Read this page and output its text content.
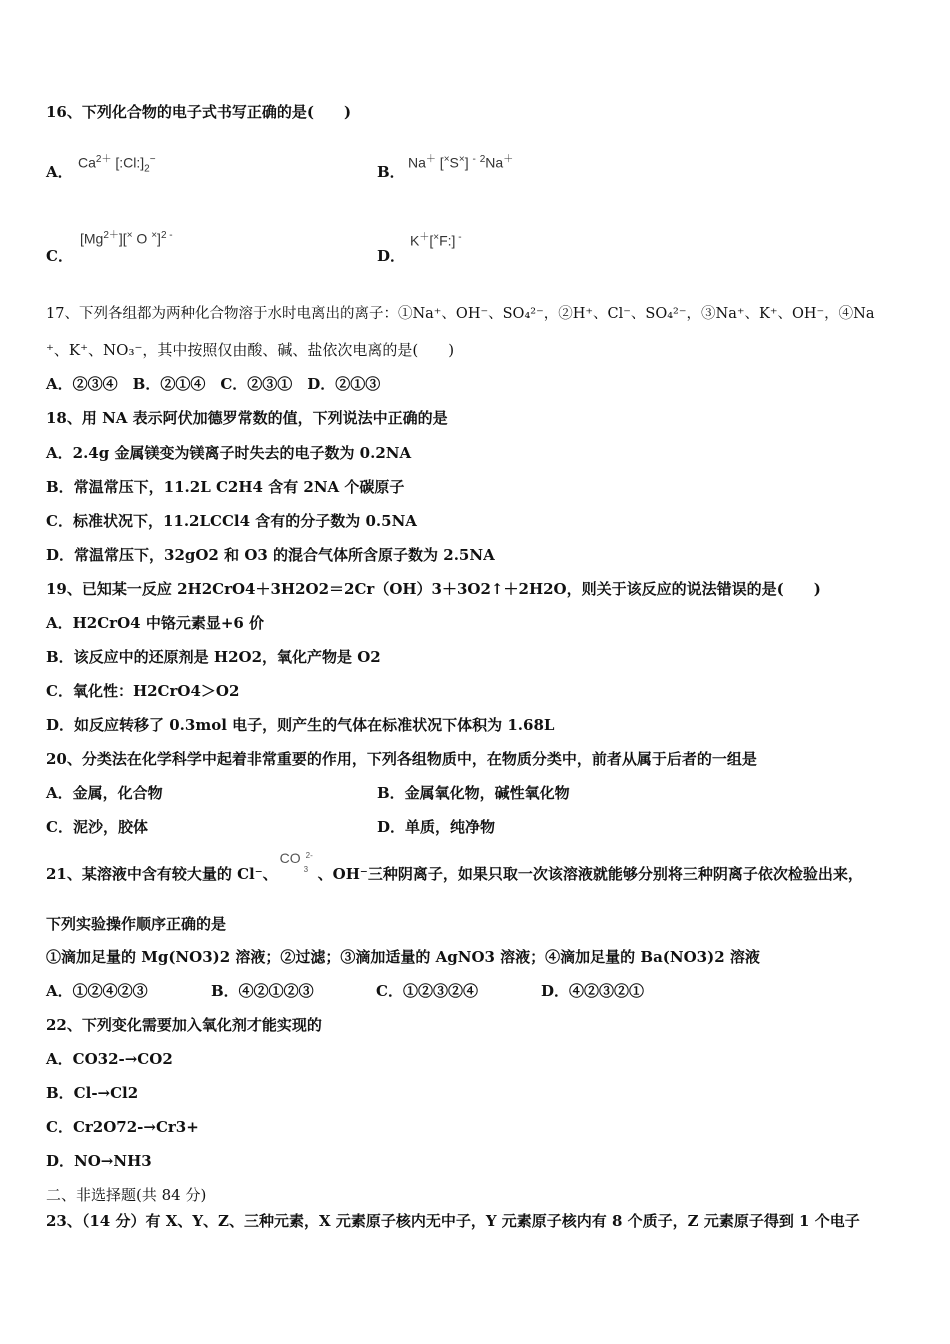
16、下列化合物的电子式书写正确的是(　　)
A．
$Ca^{2+}$ $[:Cl:]_2^-$
B．
Na＋ [×S×] - $^2$Na＋
C．
$[Mg^{2+}][^\times$ O ×]$^{2 -}$
D．
K＋[×F:] -
17、下列各组都为两种化合物溶于水时电离出的离子：①Na⁺、OH⁻、SO₄²⁻，②H⁺、Cl⁻、SO₄²⁻，③Na⁺、K⁺、OH⁻，④Na
⁺、K⁺、NO₃⁻，其中按照仅由酸、碱、盐依次电离的是(　　)
A．②③④　B．②①④　C．②③①　D．②①③
18、用 NA 表示阿伏加德罗常数的值，下列说法中正确的是
A．2.4g 金属镁变为镁离子时失去的电子数为 0.2NA
B．常温常压下，11.2L C2H4 含有 2NA 个碳原子
C．标准状况下，11.2LCCl4 含有的分子数为 0.5NA
D．常温常压下，32gO2 和 O3 的混合气体所含原子数为 2.5NA
19、已知某一反应 2H2CrO4＋3H2O2＝2Cr（OH）3＋3O2↑＋2H2O，则关于该反应的说法错误的是(　　)
A．H2CrO4 中铬元素显+6 价
B．该反应中的还原剂是 H2O2，氧化产物是 O2
C．氧化性：H2CrO4＞O2
D．如反应转移了 0.3mol 电子，则产生的气体在标准状况下体积为 1.68L
20、分类法在化学科学中起着非常重要的作用，下列各组物质中，在物质分类中，前者从属于后者的一组是
A．金属，化合物	B．金属氧化物，碱性氧化物
C．泥沙，胶体	D．单质，纯净物
21、某溶液中含有较大量的 Cl⁻、
CO 2-
3 、OH⁻三种阴离子，如果只取一次该溶液就能够分别将三种阴离子依次检验出来，
下列实验操作顺序正确的是
①滴加足量的 Mg(NO3)2 溶液；②过滤；③滴加适量的 AgNO3 溶液；④滴加足量的 Ba(NO3)2 溶液
A．①②④②③	B．④②①②③	C．①②③②④	D．④②③②①
22、下列变化需要加入氧化剂才能实现的
A．CO32-→CO2
B．Cl-→Cl2
C．Cr2O72-→Cr3+
D．NO→NH3
二、非选择题(共 84 分)
23、（14 分）有 X、Y、Z、三种元素，X 元素原子核内无中子，Y 元素原子核内有 8 个质子，Z 元素原子得到 1 个电子
